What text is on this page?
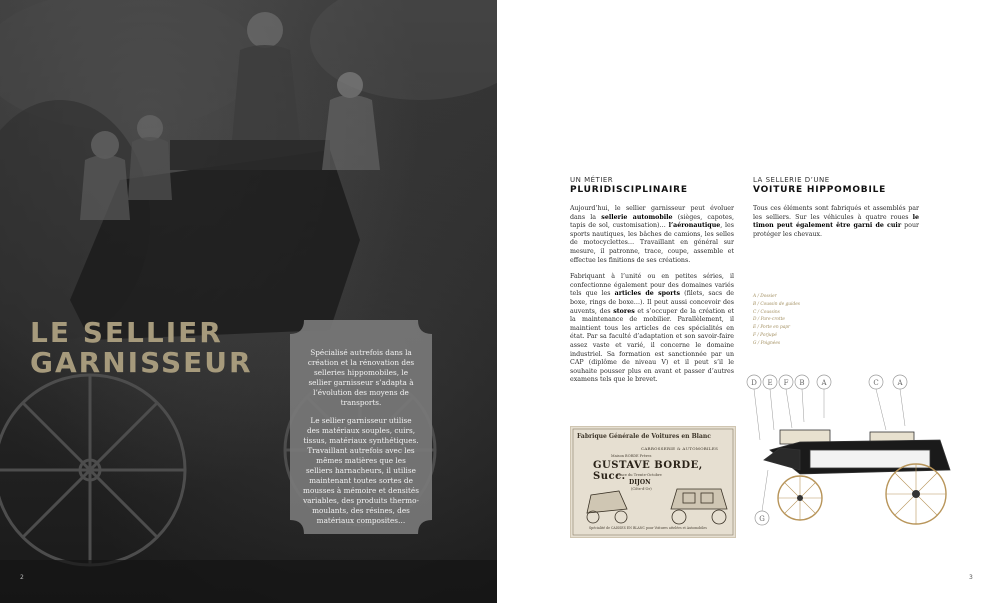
LE SELLIER
GARNISSEUR	Spécialisé autrefois dans la création et la rénovation des selleries hippomobiles, le sellier garnisseur s’adapta à l’évolution des moyens de transports.

Le sellier garnisseur utilise des matériaux souples, cuirs, tissus, matériaux synthétiques. Travaillant autrefois avec les mêmes matières que les selliers harnacheurs, il utilise maintenant toutes sortes de mousses à mémoire et densités variables, des produits thermo-moulants, des résines, des matériaux composites…

2

UN MÉTIER

PLURIDISCIPLINAIRE

Aujourd’hui, le sellier garnisseur peut évoluer dans la sellerie automobile (sièges, capotes, tapis de sol, customisation)… l’aéronautique, les sports nautiques, les bâches de camions, les selles de motocyclettes… Travaillant en général sur mesure, il patronne, trace, coupe, assemble et effectue les finitions de ses créations.

Fabriquant à l’unité ou en petites séries, il confectionne également pour des domaines variés tels que les articles de sports (filets, sacs de boxe, rings de boxe…). Il peut aussi concevoir des auvents, des stores et s’occuper de la création et la maintenance de mobilier. Parallèlement, il maintient tous les articles de ces spécialités en état. Par sa faculté d’adaptation et son savoir-faire assez vaste et varié, il concerne le domaine industriel. Sa formation est sanctionnée par un CAP (diplôme de niveau V) et il peut s’il le souhaite pousser plus en avant et passer d’autres examens tels que le brevet.

LA SELLERIE D’UNE

VOITURE HIPPOMOBILE

Tous ces éléments sont fabriqués et assemblés par les selliers. Sur les véhicules à quatre roues le timon peut également être garni de cuir pour protéger les chevaux.

A / Dossier
B / Coussin de guides
C / Coussins
D / Pare-crotte
E / Porte en papr
F / Porjupé
G / Poignées
Fabrique Générale de Voitures en Blanc
CARROSSERIE & AUTOMOBILES
Maison BORDE Frères
GUSTAVE BORDE, Succ.
Place du Trente-Octobre
DIJON
(Côte-d’Or)
Spécialité de CAISSES EN BLANC pour Voitures attelées et Automobiles
D E F B A	C	A
G
3
